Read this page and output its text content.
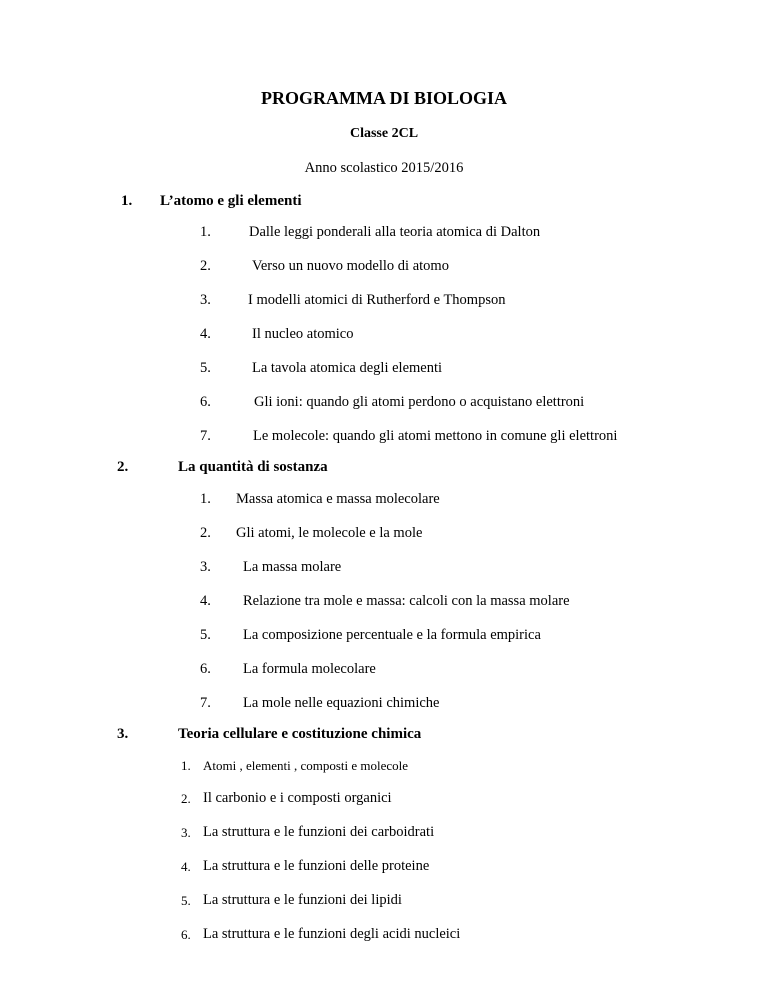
PROGRAMMA DI BIOLOGIA
Classe 2CL
Anno scolastico 2015/2016
1. L’atomo e gli elementi
1.	Dalle leggi ponderali alla teoria atomica di Dalton
2.	Verso un nuovo modello di atomo
3.	I modelli atomici di Rutherford e Thompson
4.	Il nucleo atomico
5.	La tavola atomica degli elementi
6.	Gli ioni: quando gli atomi perdono o acquistano elettroni
7.	Le molecole: quando gli atomi mettono in comune gli elettroni
2.	La quantità di sostanza
1. Massa atomica e massa molecolare
2. Gli atomi, le molecole e la mole
3. La massa molare
4. Relazione tra mole e massa: calcoli con la massa molare
5. La composizione percentuale e la formula empirica
6. La formula molecolare
7. La mole nelle equazioni chimiche
3.	Teoria cellulare e costituzione chimica
1. Atomi , elementi , composti e molecole
2. Il carbonio e i composti organici
3. La struttura e le funzioni dei carboidrati
4. La struttura e le funzioni delle proteine
5. La struttura e le funzioni dei lipidi
6. La struttura e le funzioni degli acidi nucleici
